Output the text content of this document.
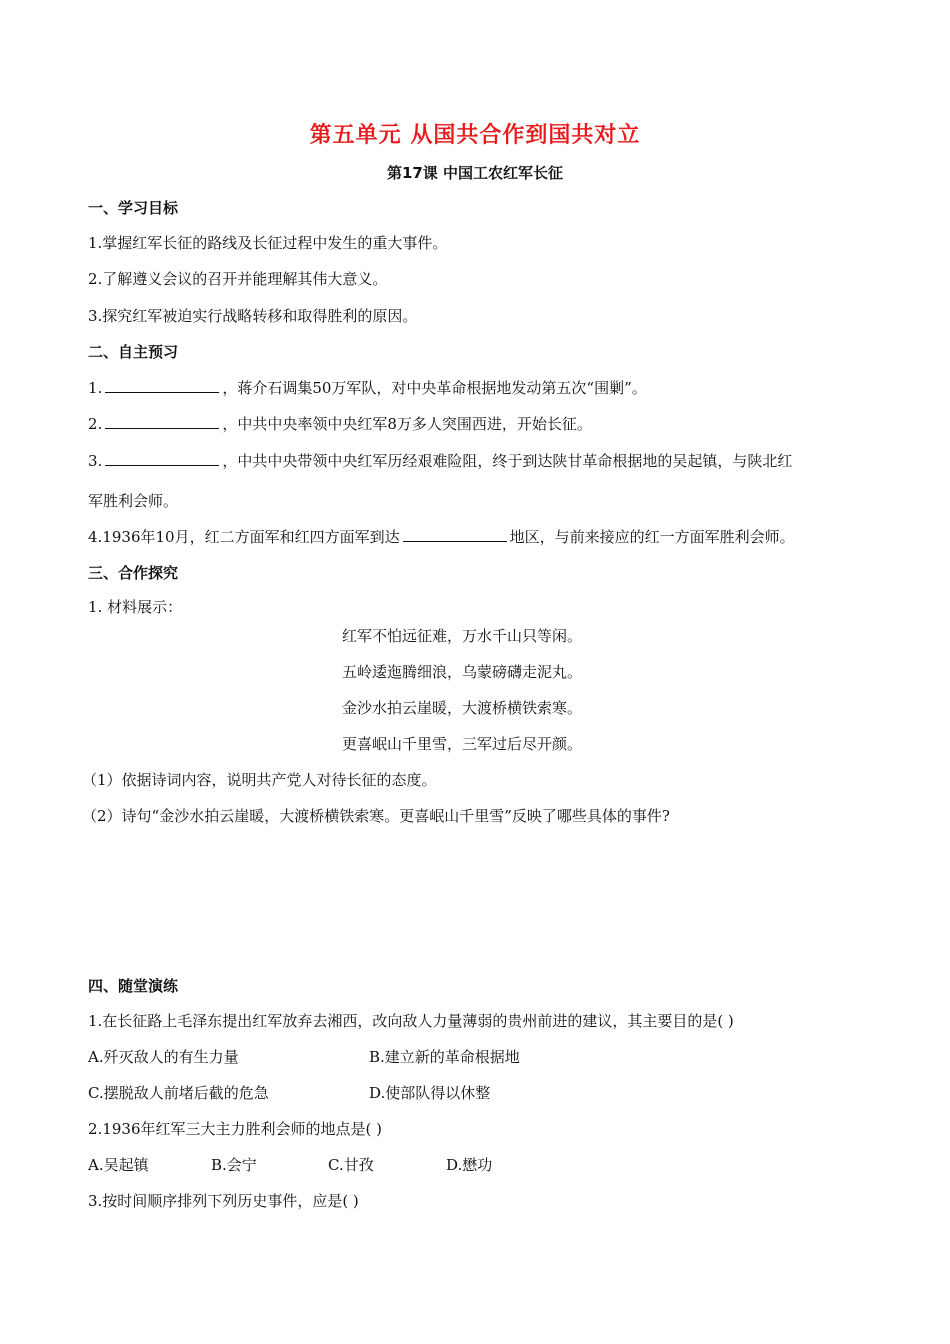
第五单元 从国共合作到国共对立
第17课 中国工农红军长征
一、学习目标
1.掌握红军长征的路线及长征过程中发生的重大事件。
2.了解遵义会议的召开并能理解其伟大意义。
3.探究红军被迫实行战略转移和取得胜利的原因。
二、自主预习
1.	，蒋介石调集50万军队，对中央革命根据地发动第五次“围剿”。
2.	，中共中央率领中央红军8万多人突围西进，开始长征。
3.	，中共中央带领中央红军历经艰难险阻，终于到达陕甘革命根据地的吴起镇，与陕北红
军胜利会师。
4.1936年10月，红二方面军和红四方面军到达	地区，与前来接应的红一方面军胜利会师。
三、合作探究
1. 材料展示：
红军不怕远征难，万水千山只等闲。
五岭逶迤腾细浪，乌蒙磅礴走泥丸。
金沙水拍云崖暖，大渡桥横铁索寒。
更喜岷山千里雪，三军过后尽开颜。
（1）依据诗词内容，说明共产党人对待长征的态度。
（2）诗句“金沙水拍云崖暖，大渡桥横铁索寒。更喜岷山千里雪”反映了哪些具体的事件?
四、随堂演练
1.在长征路上毛泽东提出红军放弃去湘西，改向敌人力量薄弱的贵州前进的建议，其主要目的是( )
A.歼灭敌人的有生力量	B.建立新的革命根据地
C.摆脱敌人前堵后截的危急	D.使部队得以休整
2.1936年红军三大主力胜利会师的地点是( )
A.吴起镇	B.会宁	C.甘孜	D.懋功
3.按时间顺序排列下列历史事件，应是( )
